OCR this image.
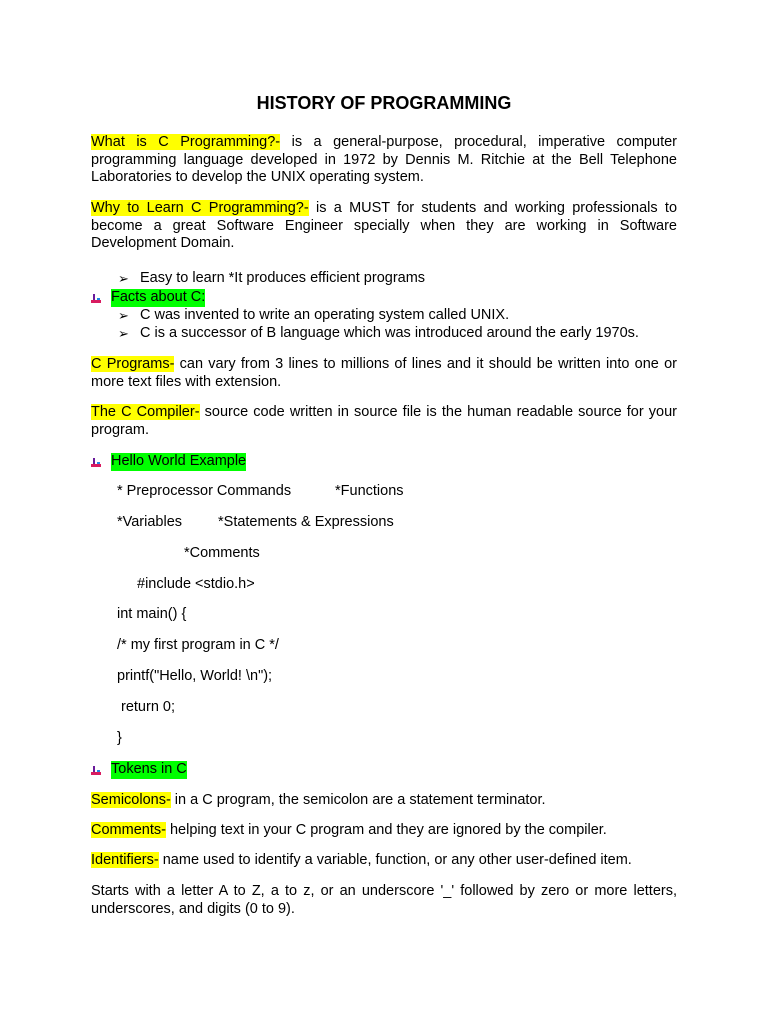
HISTORY OF PROGRAMMING
What is C Programming?- is a general-purpose, procedural, imperative computer programming language developed in 1972 by Dennis M. Ritchie at the Bell Telephone Laboratories to develop the UNIX operating system.
Why to Learn C Programming?- is a MUST for students and working professionals to become a great Software Engineer specially when they are working in Software Development Domain.
➢ Easy to learn *It produces efficient programs
Facts about C:
➢ C was invented to write an operating system called UNIX.
➢ C is a successor of B language which was introduced around the early 1970s.
C Programs- can vary from 3 lines to millions of lines and it should be written into one or more text files with extension.
The C Compiler- source code written in source file is the human readable source for your program.
Hello World Example
* Preprocessor Commands	*Functions
*Variables *Statements & Expressions
*Comments
#include <stdio.h>
int main() {
/* my first program in C */
printf("Hello, World! \n");
return 0;
}
Tokens in C
Semicolons- in a C program, the semicolon are a statement terminator.
Comments- helping text in your C program and they are ignored by the compiler.
Identifiers- name used to identify a variable, function, or any other user-defined item.
Starts with a letter A to Z, a to z, or an underscore '_' followed by zero or more letters, underscores, and digits (0 to 9).
